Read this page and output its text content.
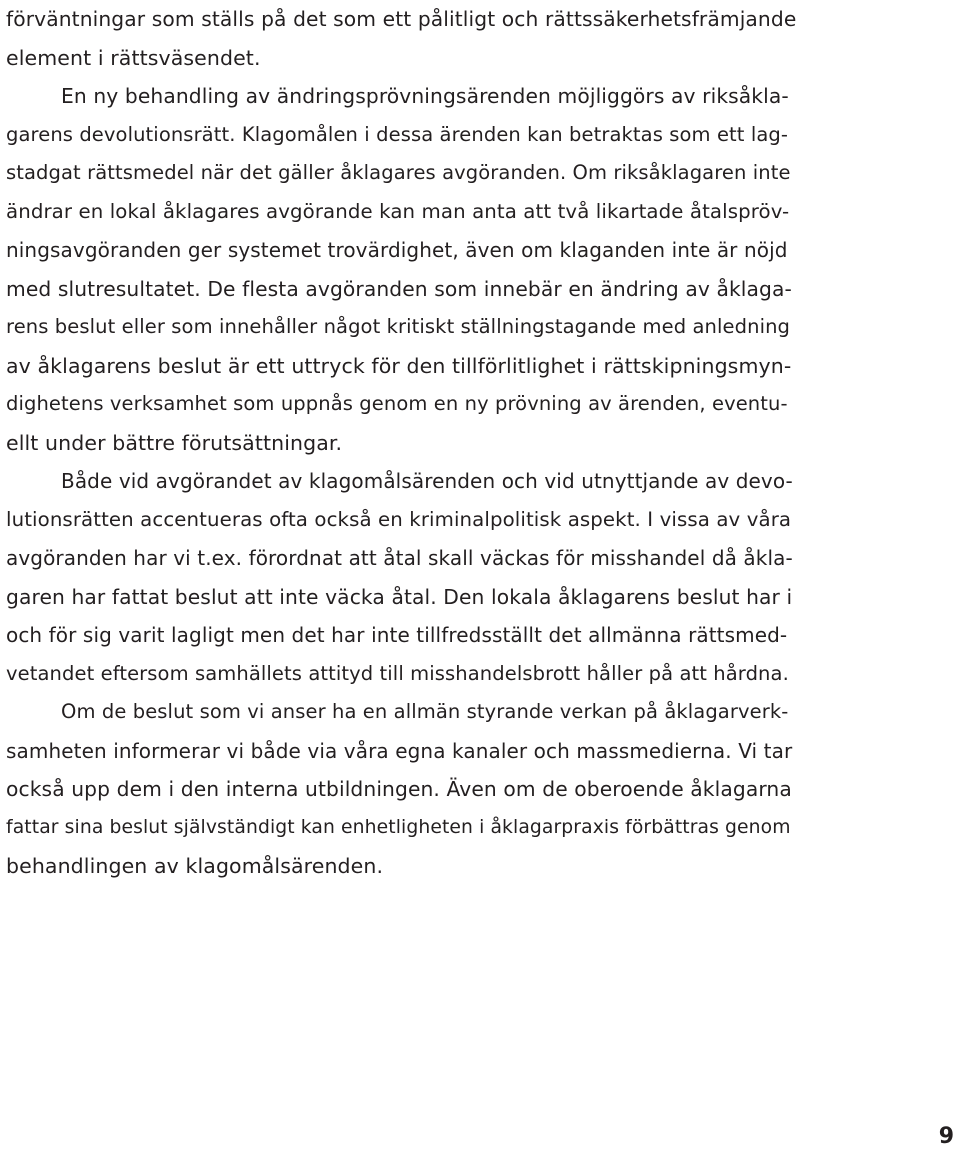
förväntningar som ställs på det som ett pålitligt och rättssäkerhetsfrämjande
element i rättsväsendet.
En ny behandling av ändringsprövningsärenden möjliggörs av riksåkla-
garens devolutionsrätt. Klagomålen i dessa ärenden kan betraktas som ett lag-
stadgat rättsmedel när det gäller åklagares avgöranden. Om riksåklagaren inte
ändrar en lokal åklagares avgörande kan man anta att två likartade åtalspröv-
ningsavgöranden ger systemet trovärdighet, även om klaganden inte är nöjd
med slutresultatet. De flesta avgöranden som innebär en ändring av åklaga-
rens beslut eller som innehåller något kritiskt ställningstagande med anledning
av åklagarens beslut är ett uttryck för den tillförlitlighet i rättskipningsmyn-
dighetens verksamhet som uppnås genom en ny prövning av ärenden, eventu-
ellt under bättre förutsättningar.
Både vid avgörandet av klagomålsärenden och vid utnyttjande av devo-
lutionsrätten accentueras ofta också en kriminalpolitisk aspekt. I vissa av våra
avgöranden har vi t.ex. förordnat att åtal skall väckas för misshandel då åkla-
garen har fattat beslut att inte väcka åtal. Den lokala åklagarens beslut har i
och för sig varit lagligt men det har inte tillfredsställt det allmänna rättsmed-
vetandet eftersom samhällets attityd till misshandelsbrott håller på att hårdna.
Om de beslut som vi anser ha en allmän styrande verkan på åklagarverk-
samheten informerar vi både via våra egna kanaler och massmedierna. Vi tar
också upp dem i den interna utbildningen. Även om de oberoende åklagarna
fattar sina beslut självständigt kan enhetligheten i åklagarpraxis förbättras genom
behandlingen av klagomålsärenden.
9
